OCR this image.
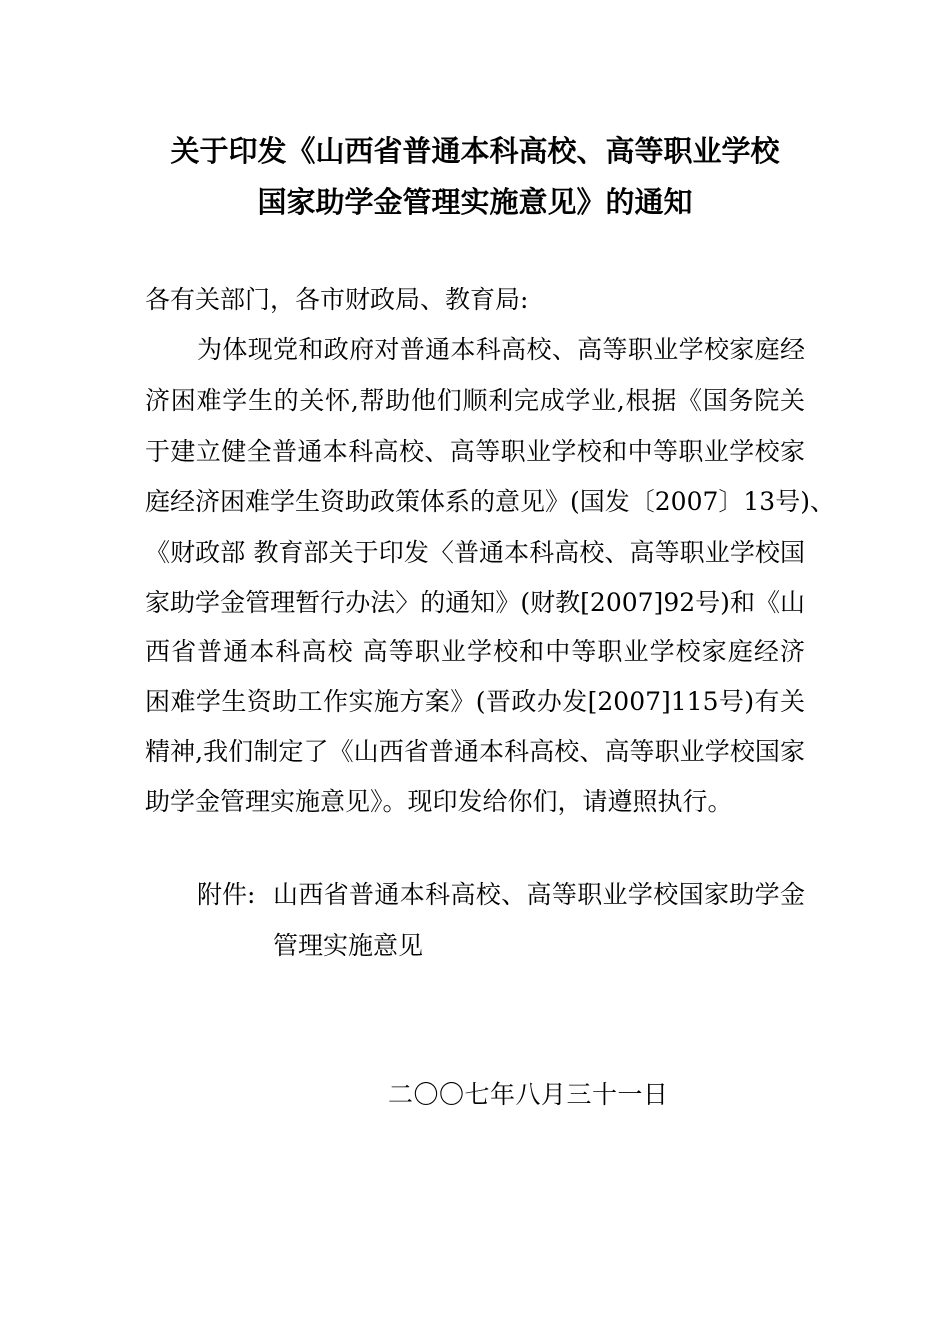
关于印发《山西省普通本科高校、高等职业学校
国家助学金管理实施意见》的通知
各有关部门，各市财政局、教育局:
为体现党和政府对普通本科高校、高等职业学校家庭经
济困难学生的关怀,帮助他们顺利完成学业,根据《国务院关
于建立健全普通本科高校、高等职业学校和中等职业学校家
庭经济困难学生资助政策体系的意见》(国发〔2007〕13号)、
《财政部 教育部关于印发〈普通本科高校、高等职业学校国
家助学金管理暂行办法〉的通知》(财教[2007]92号)和《山
西省普通本科高校 高等职业学校和中等职业学校家庭经济
困难学生资助工作实施方案》(晋政办发[2007]115号)有关
精神,我们制定了《山西省普通本科高校、高等职业学校国家
助学金管理实施意见》。现印发给你们，请遵照执行。
附件: 山西省普通本科高校、高等职业学校国家助学金
管理实施意见
二〇〇七年八月三十一日
